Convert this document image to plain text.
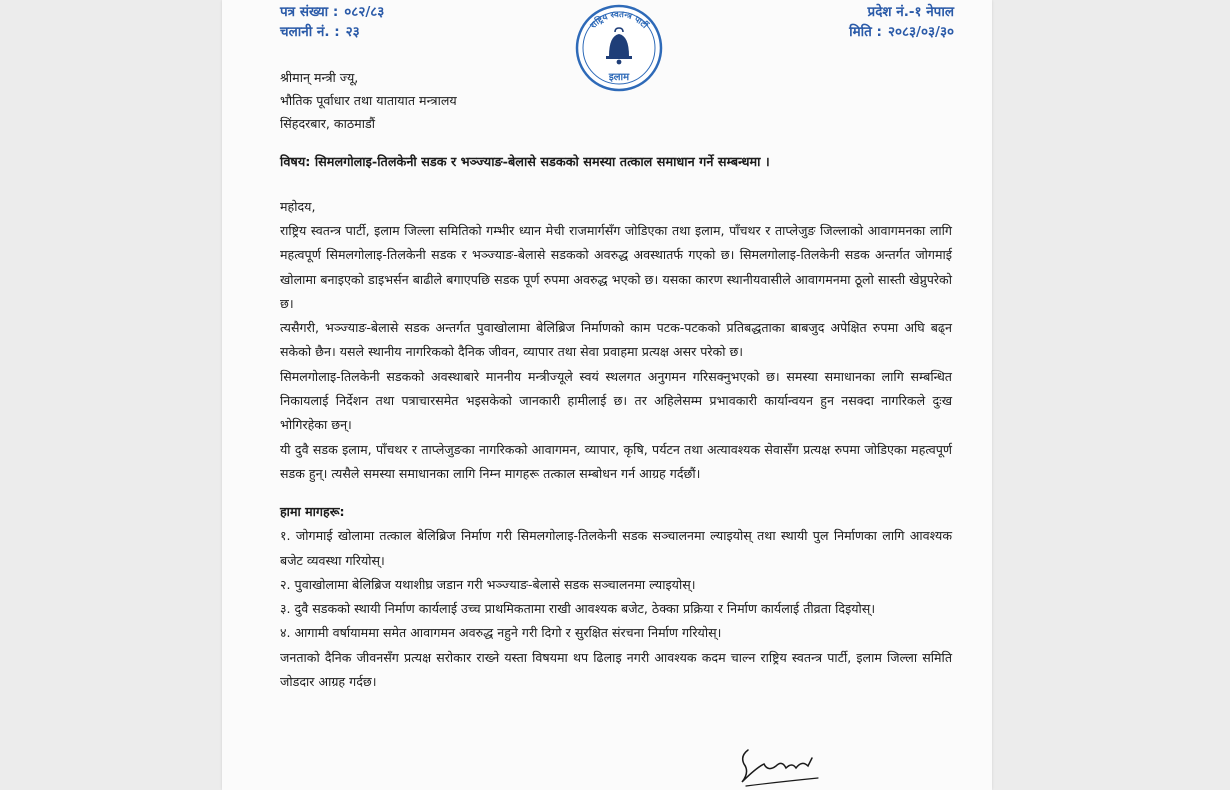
पत्र संख्या : ०८२/८३
चलानी नं. : २३	राष्ट्रिय स्वतन्त्र पार्टी
इलाम
प्रदेश नं.-१ नेपाल
मिति : २०८३/०३/३०
श्रीमान् मन्त्री ज्यू,
भौतिक पूर्वाधार तथा यातायात मन्त्रालय
सिंहदरबार, काठमाडौं
विषय: सिमलगोलाइ-तिलकेनी सडक र भञ्ज्याङ-बेलासे सडकको समस्या तत्काल समाधान गर्ने सम्बन्धमा ।
महोदय,

राष्ट्रिय स्वतन्त्र पार्टी, इलाम जिल्ला समितिको गम्भीर ध्यान मेची राजमार्गसँग जोडिएका तथा इलाम, पाँचथर र ताप्लेजुङ जिल्लाको आवागमनका लागि महत्वपूर्ण सिमलगोलाइ-तिलकेनी सडक र भञ्ज्याङ-बेलासे सडकको अवरुद्ध अवस्थातर्फ गएको छ। सिमलगोलाइ-तिलकेनी सडक अन्तर्गत जोगमाई खोलामा बनाइएको डाइभर्सन बाढीले बगाएपछि सडक पूर्ण रुपमा अवरुद्ध भएको छ। यसका कारण स्थानीयवासीले आवागमनमा ठूलो सास्ती खेप्नुपरेको छ।

त्यसैगरी, भञ्ज्याङ-बेलासे सडक अन्तर्गत पुवाखोलामा बेलिब्रिज निर्माणको काम पटक-पटकको प्रतिबद्धताका बाबजुद अपेक्षित रुपमा अघि बढ्न सकेको छैन। यसले स्थानीय नागरिकको दैनिक जीवन, व्यापार तथा सेवा प्रवाहमा प्रत्यक्ष असर परेको छ।

सिमलगोलाइ-तिलकेनी सडकको अवस्थाबारे माननीय मन्त्रीज्यूले स्वयं स्थलगत अनुगमन गरिसक्नुभएको छ। समस्या समाधानका लागि सम्बन्धित निकायलाई निर्देशन तथा पत्राचारसमेत भइसकेको जानकारी हामीलाई छ। तर अहिलेसम्म प्रभावकारी कार्यान्वयन हुन नसक्दा नागरिकले दुःख भोगिरहेका छन्।

यी दुवै सडक इलाम, पाँचथर र ताप्लेजुङका नागरिकको आवागमन, व्यापार, कृषि, पर्यटन तथा अत्यावश्यक सेवासँग प्रत्यक्ष रुपमा जोडिएका महत्वपूर्ण सडक हुन्। त्यसैले समस्या समाधानका लागि निम्न मागहरू तत्काल सम्बोधन गर्न आग्रह गर्दछौं।

हामा मागहरू:
१. जोगमाई खोलामा तत्काल बेलिब्रिज निर्माण गरी सिमलगोलाइ-तिलकेनी सडक सञ्चालनमा ल्याइयोस् तथा स्थायी पुल निर्माणका लागि आवश्यक बजेट व्यवस्था गरियोस्।
२. पुवाखोलामा बेलिब्रिज यथाशीघ्र जडान गरी भञ्ज्याङ-बेलासे सडक सञ्चालनमा ल्याइयोस्।
३. दुवै सडकको स्थायी निर्माण कार्यलाई उच्च प्राथमिकतामा राखी आवश्यक बजेट, ठेक्का प्रक्रिया र निर्माण कार्यलाई तीव्रता दिइयोस्।
४. आगामी वर्षायाममा समेत आवागमन अवरुद्ध नहुने गरी दिगो र सुरक्षित संरचना निर्माण गरियोस्।
जनताको दैनिक जीवनसँग प्रत्यक्ष सरोकार राख्ने यस्ता विषयमा थप ढिलाइ नगरी आवश्यक कदम चाल्न राष्ट्रिय स्वतन्त्र पार्टी, इलाम जिल्ला समिति जोडदार आग्रह गर्दछ।
